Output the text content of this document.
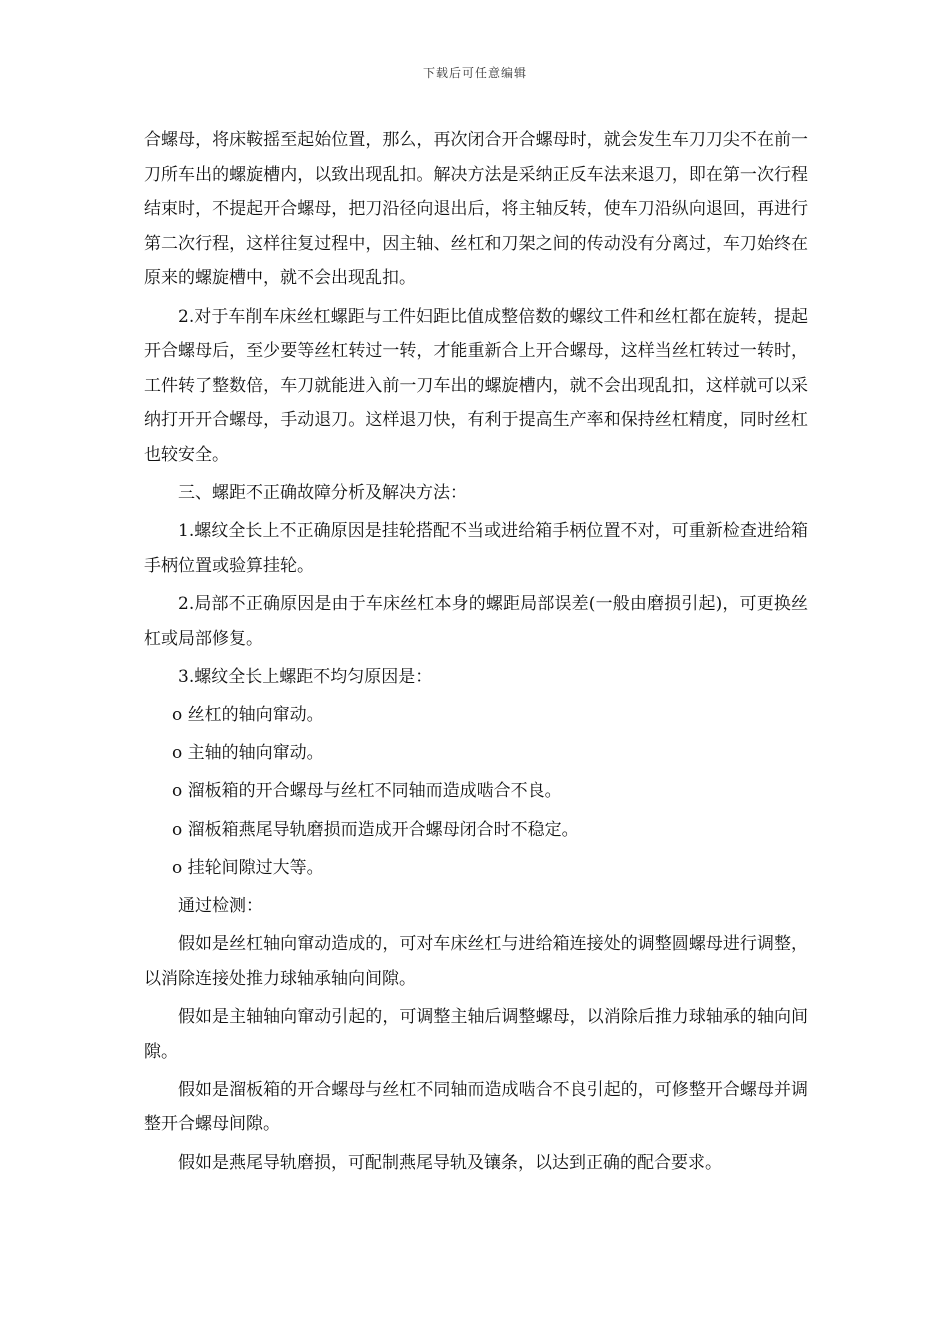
下载后可任意编辑

合螺母，将床鞍摇至起始位置，那么，再次闭合开合螺母时，就会发生车刀刀尖不在前一刀所车出的螺旋槽内，以致出现乱扣。解决方法是采纳正反车法来退刀，即在第一次行程结束时，不提起开合螺母，把刀沿径向退出后，将主轴反转，使车刀沿纵向退回，再进行第二次行程，这样往复过程中，因主轴、丝杠和刀架之间的传动没有分离过，车刀始终在原来的螺旋槽中，就不会出现乱扣。

2.对于车削车床丝杠螺距与工件妇距比值成整倍数的螺纹工件和丝杠都在旋转，提起开合螺母后，至少要等丝杠转过一转，才能重新合上开合螺母，这样当丝杠转过一转时，工件转了整数倍，车刀就能进入前一刀车出的螺旋槽内，就不会出现乱扣，这样就可以采纳打开开合螺母，手动退刀。这样退刀快，有利于提高生产率和保持丝杠精度，同时丝杠也较安全。

三、螺距不正确故障分析及解决方法：

1.螺纹全长上不正确原因是挂轮搭配不当或进给箱手柄位置不对，可重新检查进给箱手柄位置或验算挂轮。

2.局部不正确原因是由于车床丝杠本身的螺距局部误差(一般由磨损引起)，可更换丝杠或局部修复。

3.螺纹全长上螺距不均匀原因是：

o 丝杠的轴向窜动。

o 主轴的轴向窜动。

o 溜板箱的开合螺母与丝杠不同轴而造成啮合不良。

o 溜板箱燕尾导轨磨损而造成开合螺母闭合时不稳定。

o 挂轮间隙过大等。

通过检测：

假如是丝杠轴向窜动造成的，可对车床丝杠与进给箱连接处的调整圆螺母进行调整，以消除连接处推力球轴承轴向间隙。

假如是主轴轴向窜动引起的，可调整主轴后调整螺母，以消除后推力球轴承的轴向间隙。

假如是溜板箱的开合螺母与丝杠不同轴而造成啮合不良引起的，可修整开合螺母并调整开合螺母间隙。

假如是燕尾导轨磨损，可配制燕尾导轨及镶条，以达到正确的配合要求。
